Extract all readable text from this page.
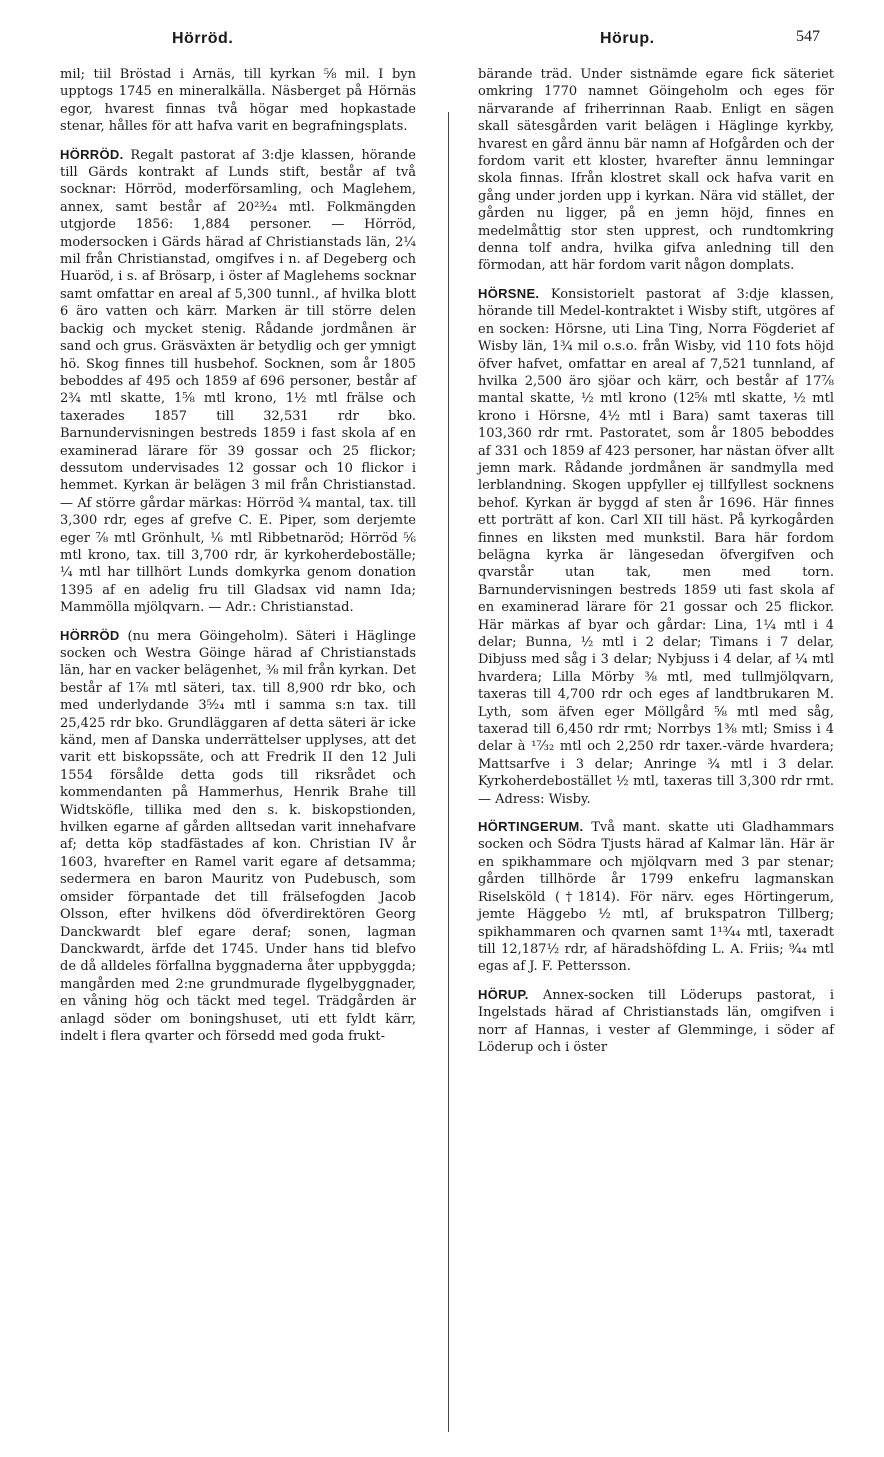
Hörröd.	Hörup.	547

mil; tiil Bröstad i Arnäs, till kyrkan ⁵⁄₈ mil. I byn upptogs 1745 en mineralkälla. Näsberget på Hörnäs egor, hvarest finnas två högar med hopkastade stenar, hålles för att hafva varit en begrafningsplats.

HÖRRÖD. Regalt pastorat af 3:dje klassen, hörande till Gärds kontrakt af Lunds stift, består af två socknar: Hörröd, moderförsamling, och Maglehem, annex, samt består af 20²³⁄₂₄ mtl. Folkmängden utgjorde 1856: 1,884 personer. — Hörröd, modersocken i Gärds härad af Christianstads län, 2¼ mil från Christianstad, omgifves i n. af Degeberg och Huaröd, i s. af Brösarp, i öster af Maglehems socknar samt omfattar en areal af 5,300 tunnl., af hvilka blott 6 äro vatten och kärr. Marken är till större delen backig och mycket stenig. Rådande jordmånen är sand och grus. Gräsväxten är betydlig och ger ymnigt hö. Skog finnes till husbehof. Socknen, som år 1805 beboddes af 495 och 1859 af 696 personer, består af 2¾ mtl skatte, 1⅝ mtl krono, 1½ mtl frälse och taxerades 1857 till 32,531 rdr bko. Barnundervisningen bestreds 1859 i fast skola af en examinerad lärare för 39 gossar och 25 flickor; dessutom undervisades 12 gossar och 10 flickor i hemmet. Kyrkan är belägen 3 mil från Christianstad. — Af större gårdar märkas: Hörröd ¾ mantal, tax. till 3,300 rdr, eges af grefve C. E. Piper, som derjemte eger ⅞ mtl Grönhult, ⅙ mtl Ribbetnaröd; Hörröd ⁵⁄₆ mtl krono, tax. till 3,700 rdr, är kyrkoherdeboställe; ¼ mtl har tillhört Lunds domkyrka genom donation 1395 af en adelig fru till Gladsax vid namn Ida; Mammölla mjölqvarn. — Adr.: Christianstad.

HÖRRÖD (nu mera Göingeholm). Säteri i Häglinge socken och Westra Göinge härad af Christianstads län, har en vacker belägenhet, ⅜ mil från kyrkan. Det består af 1⅞ mtl säteri, tax. till 8,900 rdr bko, och med underlydande 3⁵⁄₂₄ mtl i samma s:n tax. till 25,425 rdr bko. Grundläggaren af detta säteri är icke känd, men af Danska underrättelser upplyses, att det varit ett biskopssäte, och att Fredrik II den 12 Juli 1554 försålde detta gods till riksrådet och kommendanten på Hammerhus, Henrik Brahe till Widtsköfle, tillika med den s. k. biskopstionden, hvilken egarne af gården alltsedan varit innehafvare af; detta köp stadfästades af kon. Christian IV år 1603, hvarefter en Ramel varit egare af detsamma; sedermera en baron Mauritz von Pudebusch, som omsider förpantade det till frälsefogden Jacob Olsson, efter hvilkens död öfverdirektören Georg Danckwardt blef egare deraf; sonen, lagman Danckwardt, ärfde det 1745. Under hans tid blefvo de då alldeles förfallna byggnaderna åter uppbyggda; mangården med 2:ne grundmurade flygelbyggnader, en våning hög och täckt med tegel. Trädgården är anlagd söder om boningshuset, uti ett fyldt kärr, indelt i flera qvarter och försedd med goda frukt-

bärande träd. Under sistnämde egare fick säteriet omkring 1770 namnet Göingeholm och eges för närvarande af friherrinnan Raab. Enligt en sägen skall sätesgården varit belägen i Häglinge kyrkby, hvarest en gård ännu bär namn af Hofgården och der fordom varit ett kloster, hvarefter ännu lemningar skola finnas. Ifrån klostret skall ock hafva varit en gång under jorden upp i kyrkan. Nära vid stället, der gården nu ligger, på en jemn höjd, finnes en medelmåttig stor sten upprest, och rundtomkring denna tolf andra, hvilka gifva anledning till den förmodan, att här fordom varit någon domplats.

HÖRSNE. Konsistorielt pastorat af 3:dje klassen, hörande till Medel-kontraktet i Wisby stift, utgöres af en socken: Hörsne, uti Lina Ting, Norra Fögderiet af Wisby län, 1¾ mil o.s.o. från Wisby, vid 110 fots höjd öfver hafvet, omfattar en areal af 7,521 tunnland, af hvilka 2,500 äro sjöar och kärr, och består af 17⅞ mantal skatte, ½ mtl krono (12⅝ mtl skatte, ½ mtl krono i Hörsne, 4½ mtl i Bara) samt taxeras till 103,360 rdr rmt. Pastoratet, som år 1805 beboddes af 331 och 1859 af 423 personer, har nästan öfver allt jemn mark. Rådande jordmånen är sandmylla med lerblandning. Skogen uppfyller ej tillfyllest socknens behof. Kyrkan är byggd af sten år 1696. Här finnes ett porträtt af kon. Carl XII till häst. På kyrkogården finnes en liksten med munkstil. Bara här fordom belägna kyrka är längesedan öfvergifven och qvarstår utan tak, men med torn. Barnundervisningen bestreds 1859 uti fast skola af en examinerad lärare för 21 gossar och 25 flickor. Här märkas af byar och gårdar: Lina, 1¼ mtl i 4 delar; Bunna, ½ mtl i 2 delar; Timans i 7 delar, Dibjuss med såg i 3 delar; Nybjuss i 4 delar, af ¼ mtl hvardera; Lilla Mörby ⅜ mtl, med tullmjölqvarn, taxeras till 4,700 rdr och eges af landtbrukaren M. Lyth, som äfven eger Möllgård ⅝ mtl med såg, taxerad till 6,450 rdr rmt; Norrbys 1⅜ mtl; Smiss i 4 delar à ¹⁷⁄₃₂ mtl och 2,250 rdr taxer.-värde hvardera; Mattsarfve i 3 delar; Anringe ¾ mtl i 3 delar. Kyrkoherdebostället ½ mtl, taxeras till 3,300 rdr rmt. — Adress: Wisby.

HÖRTINGERUM. Två mant. skatte uti Gladhammars socken och Södra Tjusts härad af Kalmar län. Här är en spikhammare och mjölqvarn med 3 par stenar; gården tillhörde år 1799 enkefru lagmanskan Riselsköld (†1814). För närv. eges Hörtingerum, jemte Häggebo ½ mtl, af brukspatron Tillberg; spikhammaren och qvarnen samt 1¹³⁄₄₄ mtl, taxeradt till 12,187½ rdr, af häradshöfding L. A. Friis; ⁹⁄₄₄ mtl egas af J. F. Pettersson.

HÖRUP. Annex-socken till Löderups pastorat, i Ingelstads härad af Christianstads län, omgifven i norr af Hannas, i vester af Glemminge, i söder af Löderup och i öster
